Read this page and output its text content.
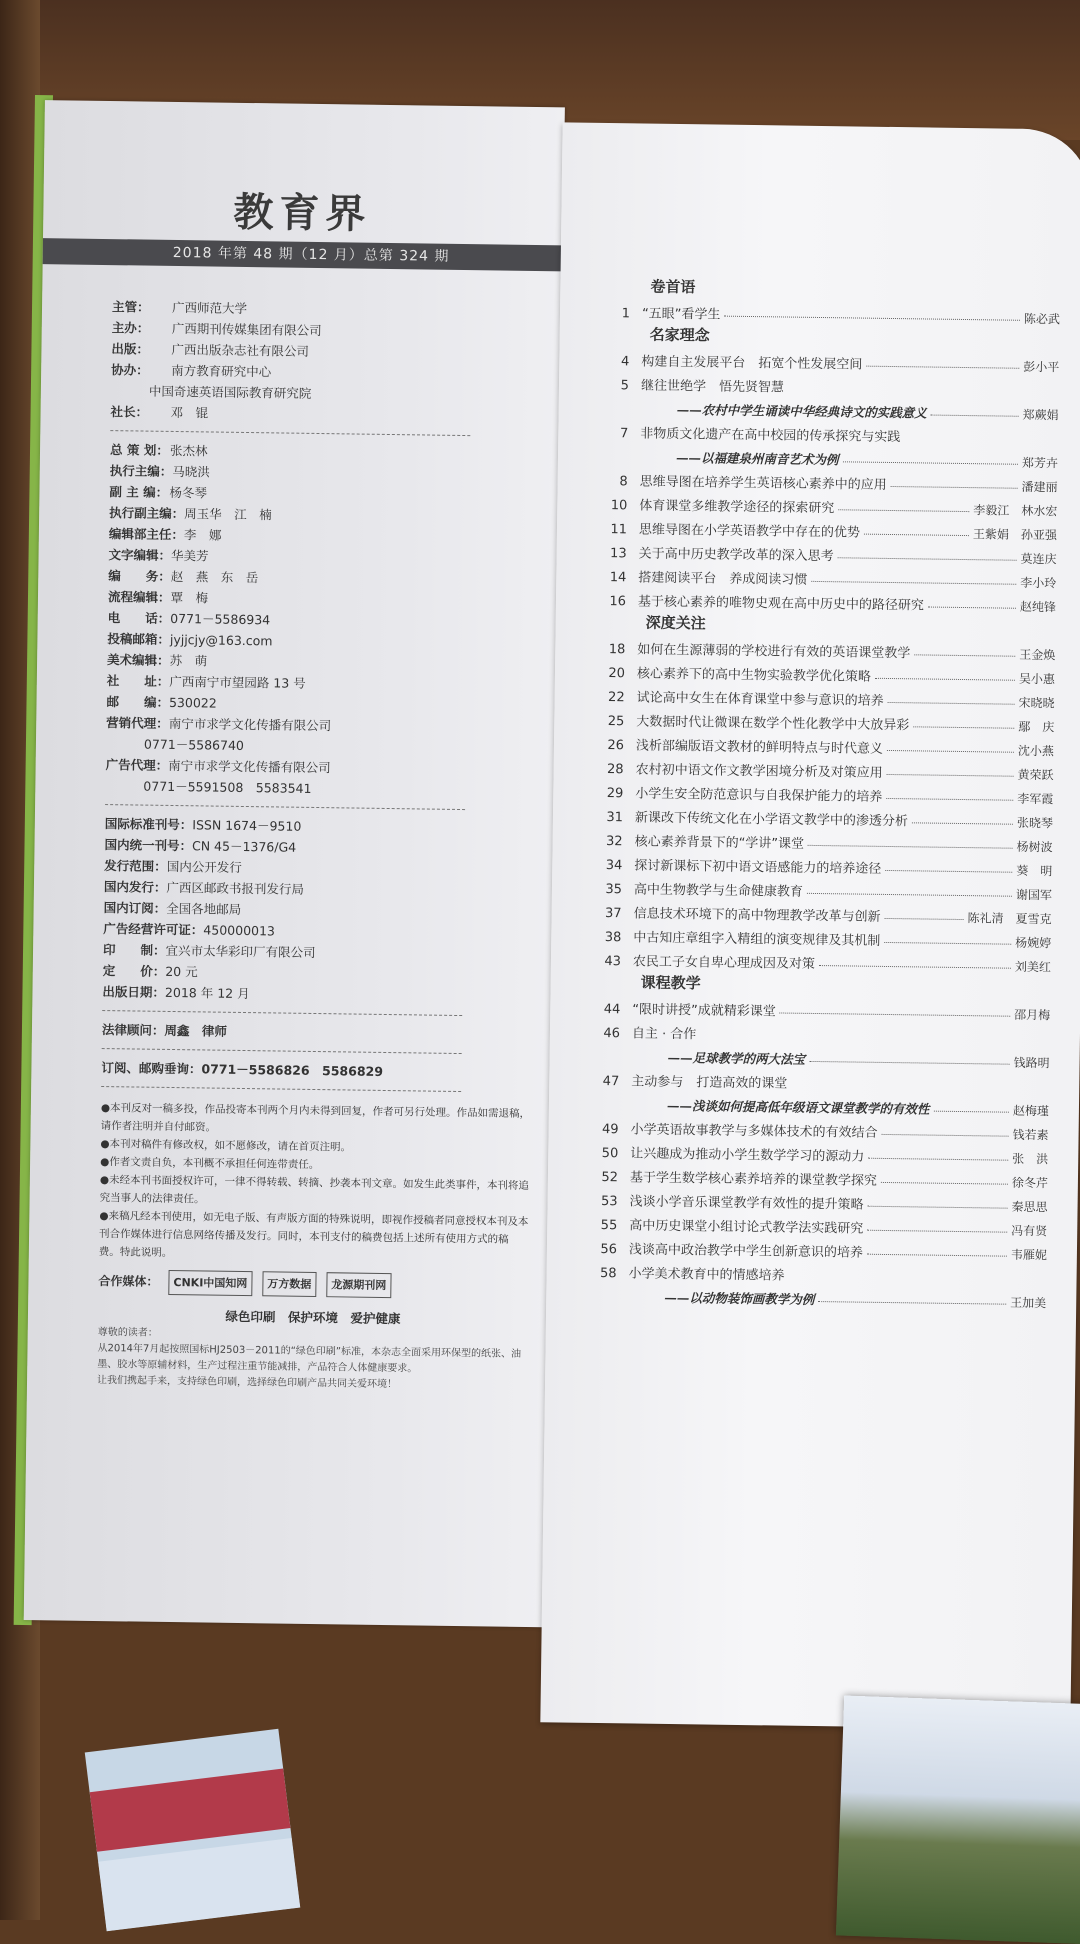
教育界
2018 年第 48 期（12 月）总第 324 期
主管：	广西师范大学
主办：	广西期刊传媒集团有限公司
出版：	广西出版杂志社有限公司
协办：	南方教育研究中心
中国奇速英语国际教育研究院
社长：	邓　锟
总 策 划： 张杰林
执行主编： 马晓洪
副 主 编： 杨冬琴
执行副主编： 周玉华　江　楠
编辑部主任： 李　娜
文字编辑： 华美芳
编　　务： 赵　燕　东　岳
流程编辑： 覃　梅
电　　话： 0771－5586934
投稿邮箱： jyjjcjy@163.com
美术编辑： 苏　萌
社　　址： 广西南宁市望园路 13 号
邮　　编： 530022
营销代理： 南宁市求学文化传播有限公司
0771－5586740
广告代理： 南宁市求学文化传播有限公司
0771－5591508　5583541
国际标准刊号： ISSN 1674－9510
国内统一刊号： CN 45－1376/G4
发行范围： 国内公开发行
国内发行： 广西区邮政书报刊发行局
国内订阅： 全国各地邮局
广告经营许可证： 450000013
印　　制： 宜兴市太华彩印厂有限公司
定　　价： 20 元
出版日期： 2018 年 12 月
法律顾问： 周鑫　律师
订阅、邮购垂询： 0771－5586826　5586829
●本刊反对一稿多投，作品投寄本刊两个月内未得到回复，作者可另行处理。作品如需退稿，请作者注明并自付邮资。
●本刊对稿件有修改权，如不愿修改，请在首页注明。
●作者文责自负，本刊概不承担任何连带责任。
●未经本刊书面授权许可，一律不得转载、转摘、抄袭本刊文章。如发生此类事件，本刊将追究当事人的法律责任。
●来稿凡经本刊使用，如无电子版、有声版方面的特殊说明，即视作授稿者同意授权本刊及本刊合作媒体进行信息网络传播及发行。同时，本刊支付的稿费包括上述所有使用方式的稿费。特此说明。
合作媒体：	CNKI中国知网	万方数据	龙源期刊网
绿色印刷　保护环境　爱护健康
尊敬的读者：
从2014年7月起按照国标HJ2503－2011的“绿色印刷”标准，本杂志全面采用环保型的纸张、油墨、胶水等原辅材料，生产过程注重节能减排，产品符合人体健康要求。
让我们携起手来，支持绿色印刷，选择绿色印刷产品共同关爱环境！
卷首语
1 “五眼”看学生	陈必武
名家理念
4 构建自主发展平台　拓宽个性发展空间	彭小平
5 继往世绝学　悟先贤智慧
——农村中学生诵读中华经典诗文的实践意义	郑蕨娟
7 非物质文化遗产在高中校园的传承探究与实践
——以福建泉州南音艺术为例	郑芳卉
8 思维导图在培养学生英语核心素养中的应用	潘建丽
10 体育课堂多维教学途径的探索研究	李毅江　林水宏
11 思维导图在小学英语教学中存在的优势	王紫娟　孙亚强
13 关于高中历史教学改革的深入思考	莫连庆
14 搭建阅读平台　养成阅读习惯	李小玲
16 基于核心素养的唯物史观在高中历史中的路径研究	赵纯锋
深度关注
18 如何在生源薄弱的学校进行有效的英语课堂教学	王金焕
20 核心素养下的高中生物实验教学优化策略	吴小惠
22 试论高中女生在体育课堂中参与意识的培养	宋晓晓
25 大数据时代让微课在数学个性化教学中大放异彩	鄢　庆
26 浅析部编版语文教材的鲜明特点与时代意义	沈小燕
28 农村初中语文作文教学困境分析及对策应用	黄荣跃
29 小学生安全防范意识与自我保护能力的培养	李军霞
31 新课改下传统文化在小学语文教学中的渗透分析	张晓琴
32 核心素养背景下的“学讲”课堂	杨树波
34 探讨新课标下初中语文语感能力的培养途径	葵　明
35 高中生物教学与生命健康教育	谢国军
37 信息技术环境下的高中物理教学改革与创新	陈礼清　夏雪克
38 中古知庄章组字入精组的演变规律及其机制	杨婉婷
43 农民工子女自卑心理成因及对策	刘美红
课程教学
44 “限时讲授”成就精彩课堂	邵月梅
46 自主 · 合作
——足球教学的两大法宝	钱路明
47 主动参与　打造高效的课堂
——浅谈如何提高低年级语文课堂教学的有效性	赵梅瑾
49 小学英语故事教学与多媒体技术的有效结合	钱若素
50 让兴趣成为推动小学生数学学习的源动力	张　洪
52 基于学生数学核心素养培养的课堂教学探究	徐冬芹
53 浅谈小学音乐课堂教学有效性的提升策略	秦思思
55 高中历史课堂小组讨论式教学法实践研究	冯有贤
56 浅谈高中政治教学中学生创新意识的培养	韦雁妮
58 小学美术教育中的情感培养
——以动物装饰画教学为例	王加美
